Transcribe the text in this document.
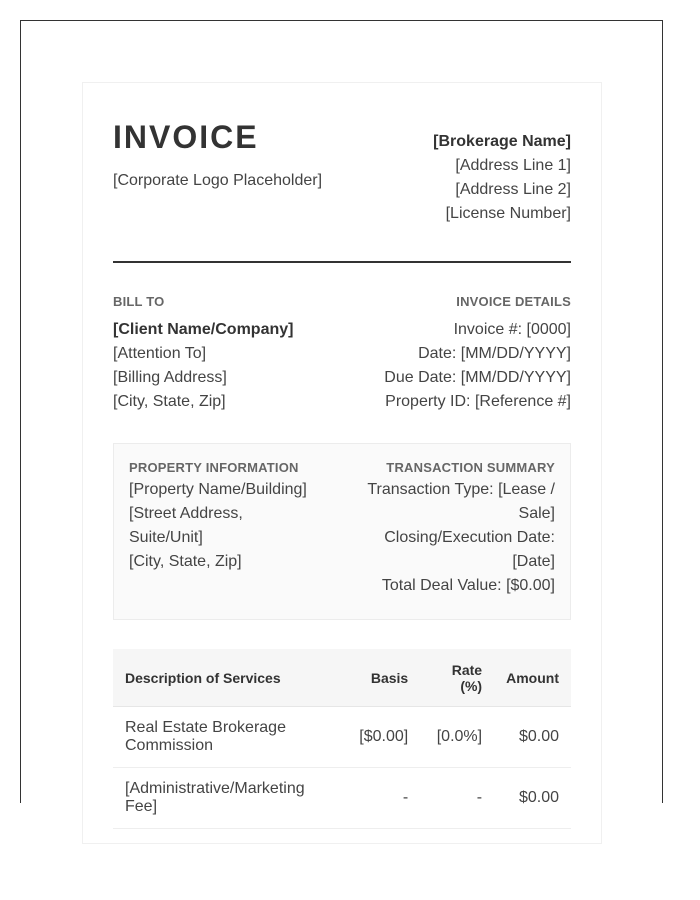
INVOICE
[Corporate Logo Placeholder]
[Brokerage Name]
[Address Line 1]
[Address Line 2]
[License Number]
BILL TO
[Client Name/Company]
[Attention To]
[Billing Address]
[City, State, Zip]
INVOICE DETAILS
Invoice #: [0000]
Date: [MM/DD/YYYY]
Due Date: [MM/DD/YYYY]
Property ID: [Reference #]
PROPERTY INFORMATION
[Property Name/Building]
[Street Address, Suite/Unit]
[City, State, Zip]
TRANSACTION SUMMARY
Transaction Type: [Lease / Sale]
Closing/Execution Date: [Date]
Total Deal Value: [$0.00]
Description of Services	Basis	Rate (%)	Amount
Real Estate Brokerage Commission	[$0.00]	[0.0%]	$0.00
[Administrative/Marketing Fee]	-	-	$0.00
